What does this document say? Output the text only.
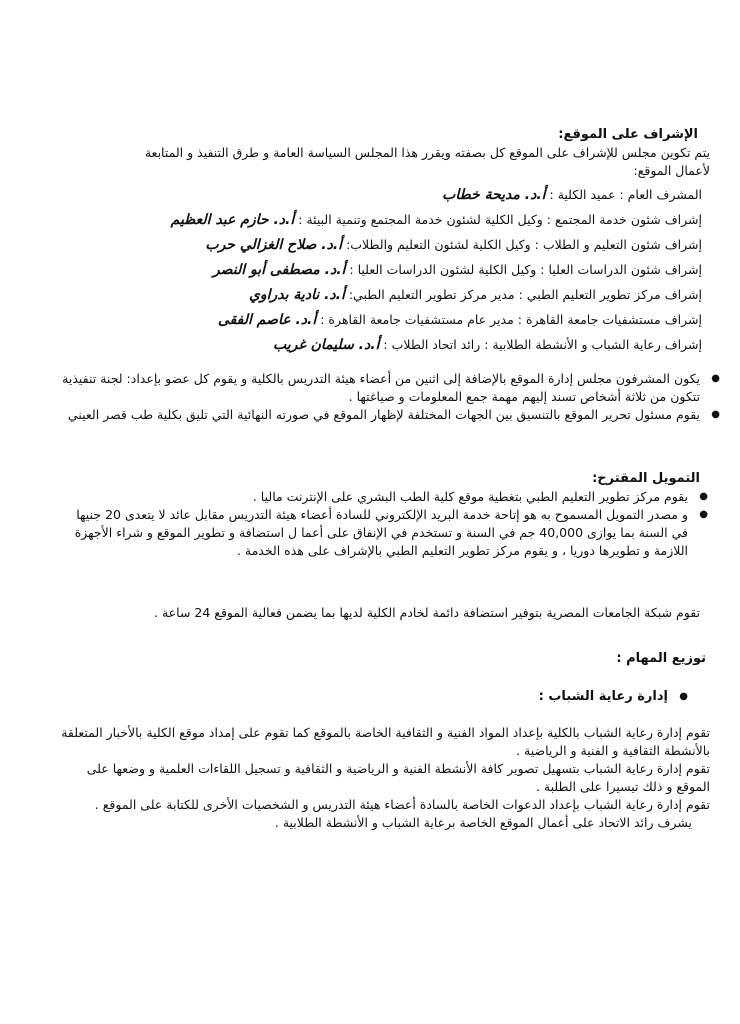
الإشراف على الموقع:
يتم تكوين مجلس للإشراف على الموقع كل بصفته ويقرر هذا المجلس السياسة العامة و طرق التنفيذ و المتابعة
لأعمال الموقع:
المشرف العام : عميد الكلية : أ.د. مديحة خطاب
إشراف شئون خدمة المجتمع : وكيل الكلية لشئون خدمة المجتمع وتنمية البيئة : أ.د. حازم عبد العظيم
إشراف شئون التعليم و الطلاب : وكيل الكلية لشئون التعليم والطلاب: أ.د. صلاح الغزالي حرب
إشراف شئون الدراسات العليا : وكيل الكلية لشئون الدراسات العليا : أ.د. مصطفى أبو النصر
إشراف مركز تطوير التعليم الطبي : مدير مركز تطوير التعليم الطبي: أ.د. نادية بدراوي
إشراف مستشفيات جامعة القاهرة : مدير عام مستشفيات جامعة القاهرة : أ.د. عاصم الفقى
إشراف رعاية الشباب و الأنشطة الطلابية : رائد اتحاد الطلاب : أ.د. سليمان غريب
● يكون المشرفون مجلس إدارة الموقع بالإضافة إلى اثنين من أعضاء هيئة التدريس بالكلية و يقوم كل عضو بإعداد: لجنة تنفيذية تتكون من ثلاثة أشخاص تسند إليهم مهمة جمع المعلومات و صياغتها .
● يقوم مسئول تحرير الموقع بالتنسيق بين الجهات المختلفة لإظهار الموقع في صورته النهائية التي تليق بكلية طب قصر العيني
التمويل المقترح:
● يقوم مركز تطوير التعليم الطبي بتغطية موقع كلية الطب البشري على الإنترنت ماليا .
● و مصدر التمويل المسموح به هو إتاحة خدمة البريد الإلكتروني للسادة أعضاء هيئة التدريس مقابل عائد لا يتعدى 20 جنيها في السنة بما يوازى 40,000 جم في السنة و تستخدم في الإنفاق على أعما ل استضافة و تطوير الموقع و شراء الأجهزة اللازمة و تطويرها دوريا ، و يقوم مركز تطوير التعليم الطبي بالإشراف على هذه الخدمة .
تقوم شبكة الجامعات المصرية بتوفير استضافة دائمة لخادم الكلية لديها بما يضمن فعالية الموقع 24 ساعة .
توزيع المهام :
● إدارة رعاية الشباب :
تقوم إدارة رعاية الشباب بالكلية بإعداد المواد الفنية و الثقافية الخاصة بالموقع كما تقوم على إمداد موقع الكلية بالأخبار المتعلقة بالأنشطة الثقافية و الفنية و الرياضية .
تقوم إدارة رعاية الشباب بتسهيل تصوير كافة الأنشطة الفنية و الرياضية و الثقافية و تسجيل اللقاءات العلمية و وضعها على الموقع و ذلك تيسيرا على الطلبة .
تقوم إدارة رعاية الشباب بإعداد الدعوات الخاصة بالسادة أعضاء هيئة التدريس و الشخصيات الأخرى للكتابة على الموقع .
يشرف رائد الاتحاد على أعمال الموقع الخاصة برعاية الشباب و الأنشطة الطلابية .
